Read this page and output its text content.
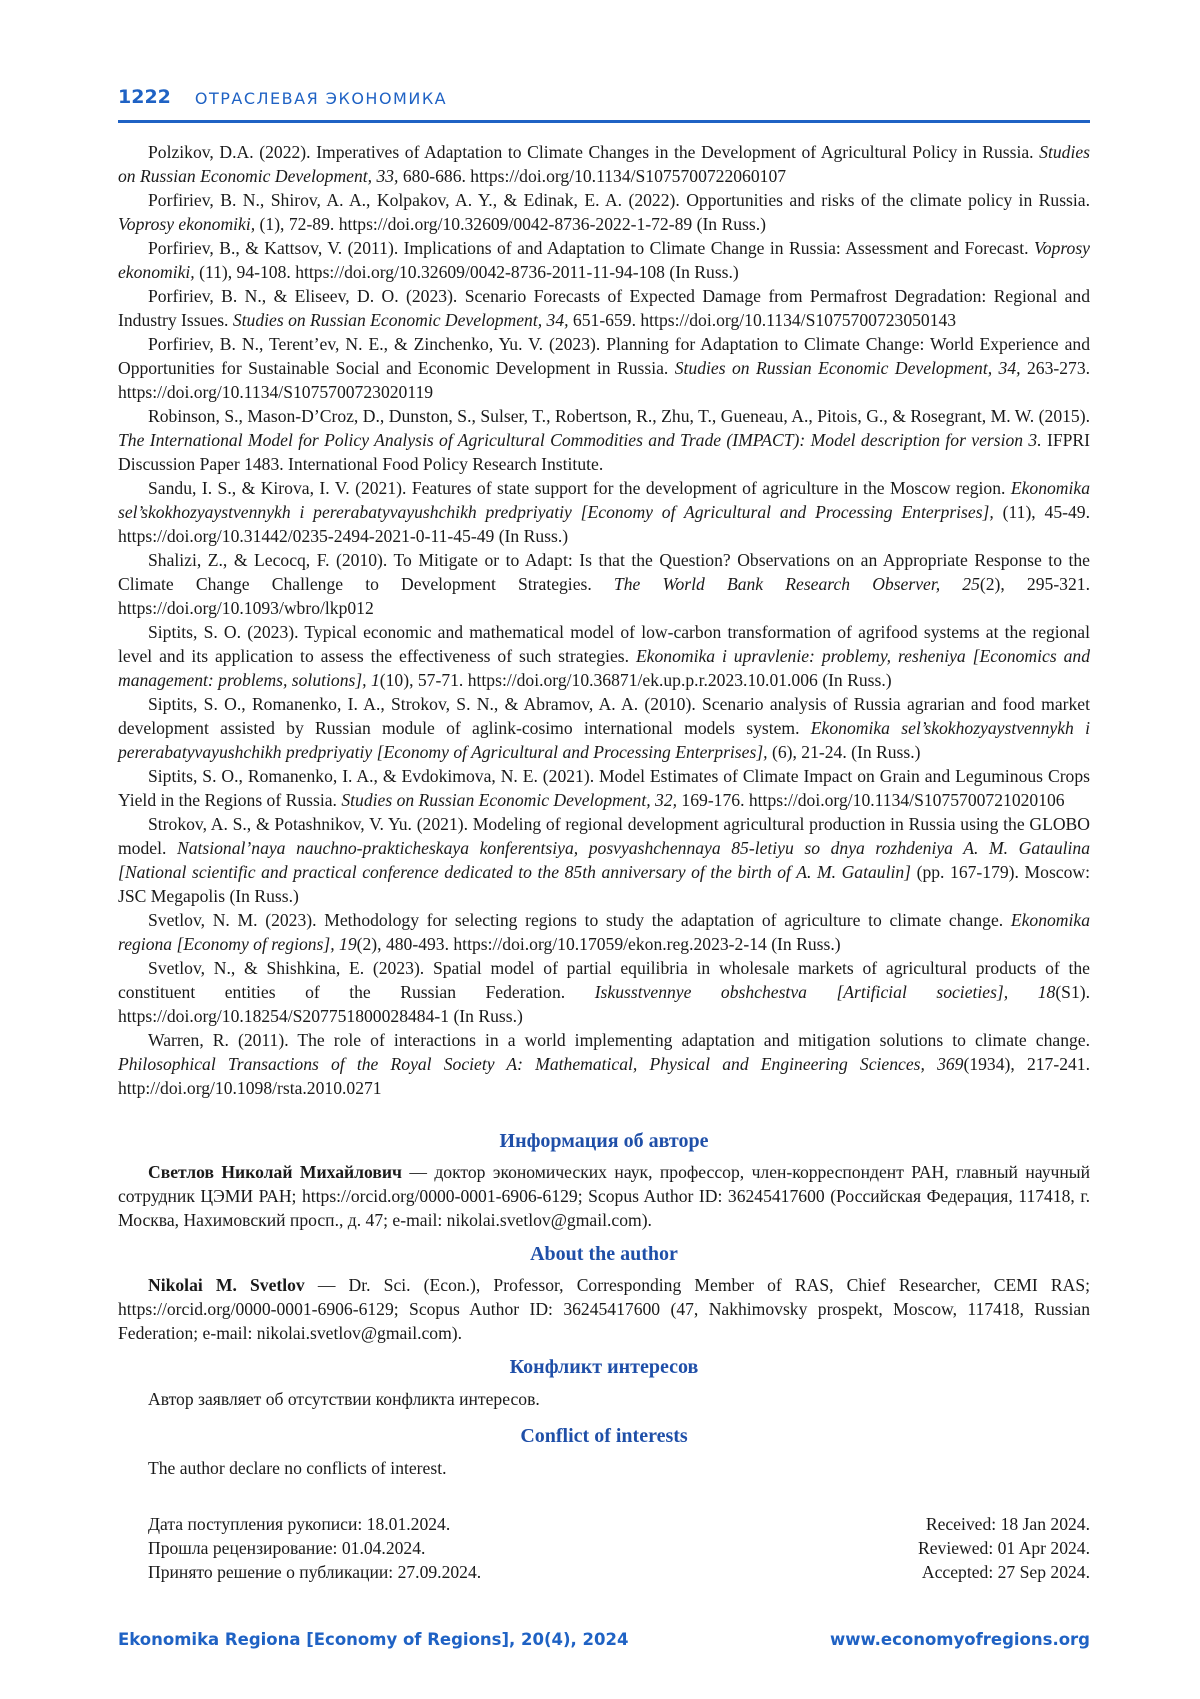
1222 ОТРАСЛЕВАЯ ЭКОНОМИКА

Polzikov, D.A. (2022). Imperatives of Adaptation to Climate Changes in the Development of Agricultural Policy in Russia. Studies on Russian Economic Development, 33, 680-686. https://doi.org/10.1134/S1075700722060107

Porfiriev, B. N., Shirov, A. A., Kolpakov, A. Y., & Edinak, E. A. (2022). Opportunities and risks of the climate policy in Russia. Voprosy ekonomiki, (1), 72-89. https://doi.org/10.32609/0042-8736-2022-1-72-89 (In Russ.)

Porfiriev, B., & Kattsov, V. (2011). Implications of and Adaptation to Climate Change in Russia: Assessment and Forecast. Voprosy ekonomiki, (11), 94-108. https://doi.org/10.32609/0042-8736-2011-11-94-108 (In Russ.)

Porfiriev, B. N., & Eliseev, D. O. (2023). Scenario Forecasts of Expected Damage from Permafrost Degradation: Regional and Industry Issues. Studies on Russian Economic Development, 34, 651-659. https://doi.org/10.1134/S1075700723050143

Porfiriev, B. N., Terent’ev, N. E., & Zinchenko, Yu. V. (2023). Planning for Adaptation to Climate Change: World Experience and Opportunities for Sustainable Social and Economic Development in Russia. Studies on Russian Economic Development, 34, 263-273. https://doi.org/10.1134/S1075700723020119

Robinson, S., Mason-D’Croz, D., Dunston, S., Sulser, T., Robertson, R., Zhu, T., Gueneau, A., Pitois, G., & Rosegrant, M. W. (2015). The International Model for Policy Analysis of Agricultural Commodities and Trade (IMPACT): Model description for version 3. IFPRI Discussion Paper 1483. International Food Policy Research Institute.

Sandu, I. S., & Kirova, I. V. (2021). Features of state support for the development of agriculture in the Moscow region. Ekonomika sel’skokhozyaystvennykh i pererabatyvayushchikh predpriyatiy [Economy of Agricultural and Processing Enterprises], (11), 45-49. https://doi.org/10.31442/0235-2494-2021-0-11-45-49 (In Russ.)

Shalizi, Z., & Lecocq, F. (2010). To Mitigate or to Adapt: Is that the Question? Observations on an Appropriate Response to the Climate Change Challenge to Development Strategies. The World Bank Research Observer, 25(2), 295-321. https://doi.org/10.1093/wbro/lkp012

Siptits, S. O. (2023). Typical economic and mathematical model of low-carbon transformation of agrifood systems at the regional level and its application to assess the effectiveness of such strategies. Ekonomika i upravlenie: problemy, resheniya [Economics and management: problems, solutions], 1(10), 57-71. https://doi.org/10.36871/ek.up.p.r.2023.10.01.006 (In Russ.)

Siptits, S. O., Romanenko, I. A., Strokov, S. N., & Abramov, A. A. (2010). Scenario analysis of Russia agrarian and food market development assisted by Russian module of aglink-cosimo international models system. Ekonomika sel’skokhozyaystvennykh i pererabatyvayushchikh predpriyatiy [Economy of Agricultural and Processing Enterprises], (6), 21-24. (In Russ.)

Siptits, S. O., Romanenko, I. A., & Evdokimova, N. E. (2021). Model Estimates of Climate Impact on Grain and Leguminous Crops Yield in the Regions of Russia. Studies on Russian Economic Development, 32, 169-176. https://doi.org/10.1134/S1075700721020106

Strokov, A. S., & Potashnikov, V. Yu. (2021). Modeling of regional development agricultural production in Russia using the GLOBO model. Natsional’naya nauchno-prakticheskaya konferentsiya, posvyashchennaya 85-letiyu so dnya rozhdeniya A. M. Gataulina [National scientific and practical conference dedicated to the 85th anniversary of the birth of A. M. Gataulin] (pp. 167-179). Moscow: JSC Megapolis (In Russ.)

Svetlov, N. M. (2023). Methodology for selecting regions to study the adaptation of agriculture to climate change. Ekonomika regiona [Economy of regions], 19(2), 480-493. https://doi.org/10.17059/ekon.reg.2023-2-14 (In Russ.)

Svetlov, N., & Shishkina, E. (2023). Spatial model of partial equilibria in wholesale markets of agricultural products of the constituent entities of the Russian Federation. Iskusstvennye obshchestva [Artificial societies], 18(S1). https://doi.org/10.18254/S207751800028484-1 (In Russ.)

Warren, R. (2011). The role of interactions in a world implementing adaptation and mitigation solutions to climate change. Philosophical Transactions of the Royal Society A: Mathematical, Physical and Engineering Sciences, 369(1934), 217-241. http://doi.org/10.1098/rsta.2010.0271

Информация об авторе

Светлов Николай Михайлович — доктор экономических наук, профессор, член-корреспондент РАН, главный научный сотрудник ЦЭМИ РАН; https://orcid.org/0000-0001-6906-6129; Scopus Author ID: 36245417600 (Российская Федерация, 117418, г. Москва, Нахимовский просп., д. 47; e-mail: nikolai.svetlov@gmail.com).

About the author

Nikolai M. Svetlov — Dr. Sci. (Econ.), Professor, Corresponding Member of RAS, Chief Researcher, CEMI RAS; https://orcid.org/0000-0001-6906-6129; Scopus Author ID: 36245417600 (47, Nakhimovsky prospekt, Moscow, 117418, Russian Federation; e-mail: nikolai.svetlov@gmail.com).

Конфликт интересов
Автор заявляет об отсутствии конфликта интересов.
Conflict of interests
The author declare no conflicts of interest.
Дата поступления рукописи: 18.01.2024.
Прошла рецензирование: 01.04.2024.
Принято решение о публикации: 27.09.2024.
Received: 18 Jan 2024.
Reviewed: 01 Apr 2024.
Accepted: 27 Sep 2024.
Ekonomika Regiona [Economy of Regions], 20(4), 2024	www.economyofregions.org
